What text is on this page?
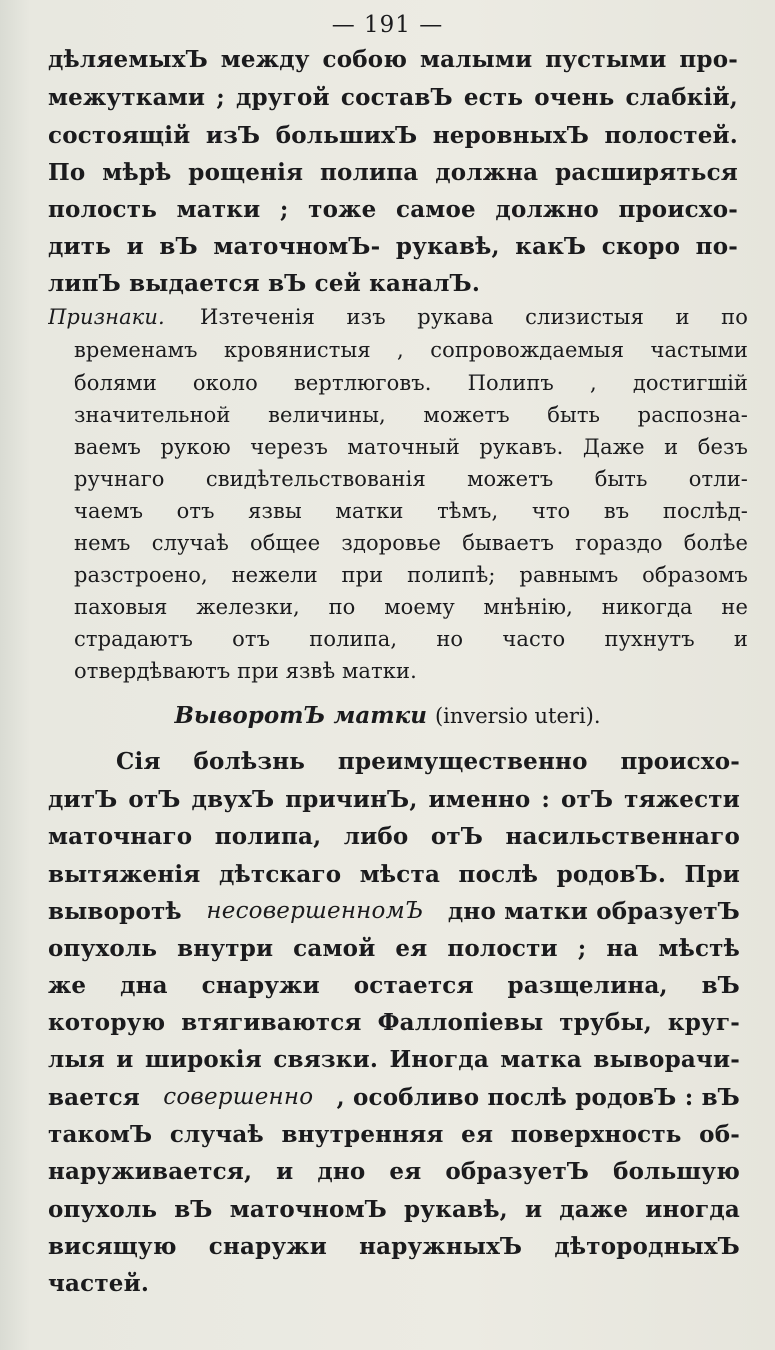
— 191 —
дѣляемыхЪ между собою малыми пустыми про-
межутками ; другой составЪ есть очень слабкій,
состоящій изЪ большихЪ неровныхЪ полостей.
По мѣрѣ рощенія полипа должна расширяться
полость матки ; тоже самое должно происхо-
дить и вЪ маточномЪ- рукавѣ, какЪ скоро по-
липЪ выдается вЪ сей каналЪ.
Признаки. Изтеченія изъ рукава слизистыя и по
временамъ кровянистыя , сопровождаемыя частыми
болями около вертлюговъ. Полипъ , достигшій
значительной величины, можетъ быть распозна-
ваемъ рукою черезъ маточный рукавъ. Даже и безъ
ручнаго свидѣтельствованія можетъ быть отли-
чаемъ отъ язвы матки тѣмъ, что въ послѣд-
немъ случаѣ общее здоровье бываетъ гораздо болѣе
разстроено, нежели при полипѣ; равнымъ образомъ
паховыя железки, по моему мнѣнію, никогда не
страдаютъ отъ полипа, но часто пухнутъ и
отвердѣваютъ при язвѣ матки.
ВыворотЪ матки (inversio uteri).
Сія болѣзнь преимущественно происхо-
дитЪ отЪ двухЪ причинЪ, именно : отЪ тяжести
маточнаго полипа, либо отЪ насильственнаго
вытяженія дѣтскаго мѣста послѣ родовЪ. При
выворотѣ несовершенномЪ дно матки образуетЪ
опухоль внутри самой ея полости ; на мѣстѣ
же дна снаружи остается разщелина, вЪ
которую втягиваются Фаллопіевы трубы, круг-
лыя и широкія связки. Иногда матка выворачи-
вается совершенно , особливо послѣ родовЪ : вЪ
такомЪ случаѣ внутренняя ея поверхность об-
наруживается, и дно ея образуетЪ большую
опухоль вЪ маточномЪ рукавѣ, и даже иногда
висящую снаружи наружныхЪ дѣтородныхЪ
частей.
